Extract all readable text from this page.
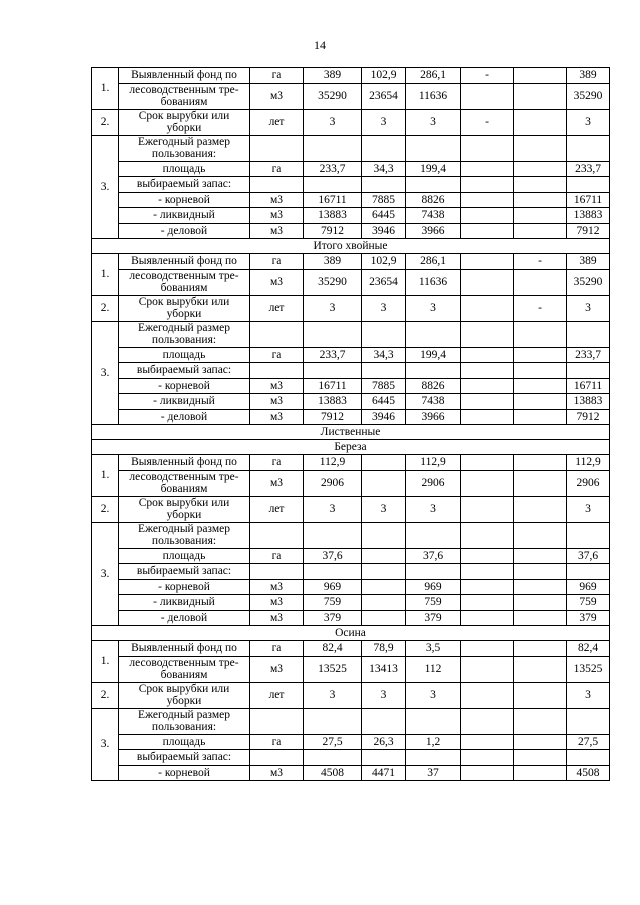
14
1.	Выявленный фонд по	га	389	102,9	286,1	-		389
	лесоводственным тре-бованиям	м3	35290	23654	11636			35290
2.	Срок вырубки или уборки	лет	3	3	3	-		3
3.	Ежегодный размер пользования:							
	площадь	га	233,7	34,3	199,4			233,7
	выбираемый запас:							
	- корневой	м3	16711	7885	8826			16711
	- ликвидный	м3	13883	6445	7438			13883
	- деловой	м3	7912	3946	3966			7912
Итого хвойные								
1.	Выявленный фонд по	га	389	102,9	286,1		-	389
	лесоводственным тре-бованиям	м3	35290	23654	11636			35290
2.	Срок вырубки или уборки	лет	3	3	3		-	3
3.	Ежегодный размер пользования:							
	площадь	га	233,7	34,3	199,4			233,7
	выбираемый запас:							
	- корневой	м3	16711	7885	8826			16711
	- ликвидный	м3	13883	6445	7438			13883
	- деловой	м3	7912	3946	3966			7912
Лиственные								
Береза								
1.	Выявленный фонд по	га	112,9		112,9			112,9
	лесоводственным тре-бованиям	м3	2906		2906			2906
2.	Срок вырубки или уборки	лет	3	3	3			3
3.	Ежегодный размер пользования:							
	площадь	га	37,6		37,6			37,6
	выбираемый запас:							
	- корневой	м3	969		969			969
	- ликвидный	м3	759		759			759
	- деловой	м3	379		379			379
Осина								
1.	Выявленный фонд по	га	82,4	78,9	3,5			82,4
	лесоводственным тре-бованиям	м3	13525	13413	112			13525
2.	Срок вырубки или уборки	лет	3	3	3			3
3.	Ежегодный размер пользования:							
	площадь	га	27,5	26,3	1,2			27,5
	выбираемый запас:							
	- корневой	м3	4508	4471	37			4508
